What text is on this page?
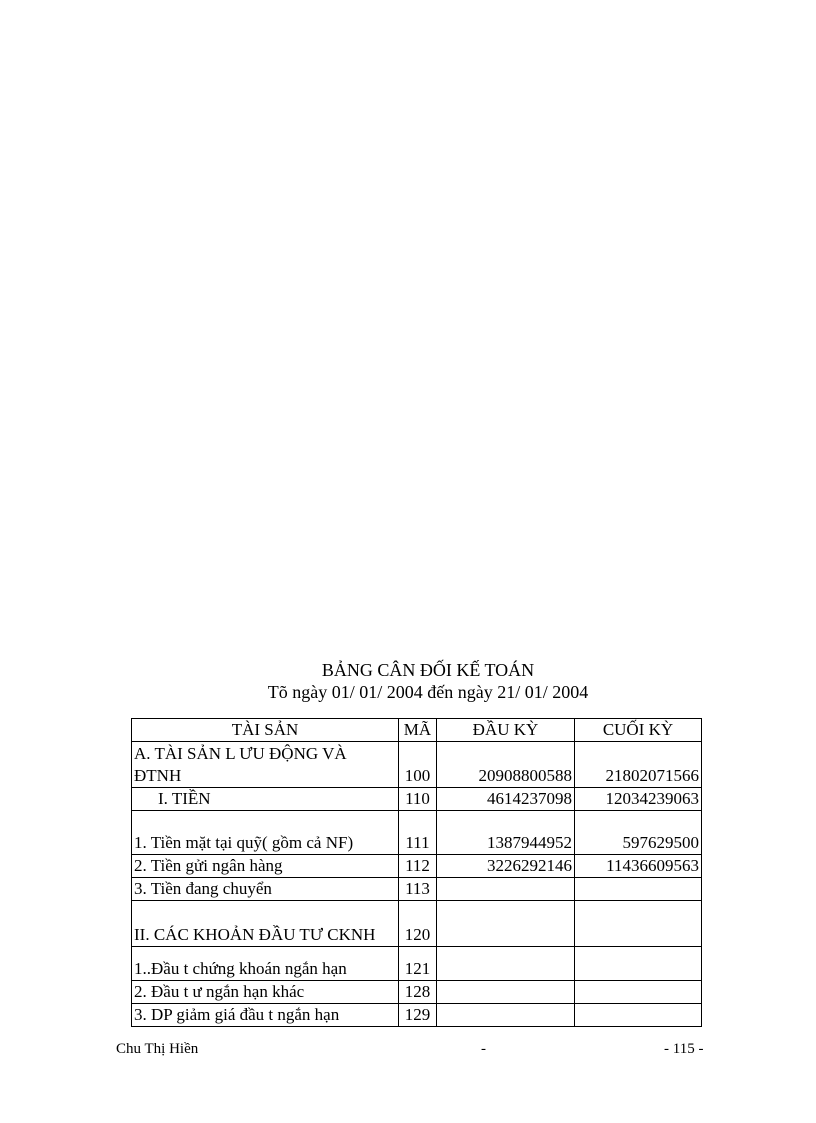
BẢNG CÂN ĐỐI KẾ TOÁN
Tõ ngày 01/ 01/ 2004 đến ngày 21/ 01/ 2004
TÀI SẢN	MÃ	ĐẦU KỲ	CUỐI KỲ
A. TÀI SẢN L ƯU ĐỘNG VÀ ĐTNH	100	20908800588	21802071566
I. TIỀN	110	4614237098	12034239063
1. Tiền mặt tại quỹ( gồm cả NF)	111	1387944952	597629500
2. Tiền gửi ngân hàng	112	3226292146	11436609563
3. Tiền đang chuyển	113		
II. CÁC KHOẢN ĐẦU TƯ CKNH	120		
1..Đầu t chứng khoán ngắn hạn	121		
2. Đầu t ư ngắn hạn khác	128		
3. DP giảm giá đầu t ngắn hạn	129		
Chu Thị Hiền	-	- 115 -
